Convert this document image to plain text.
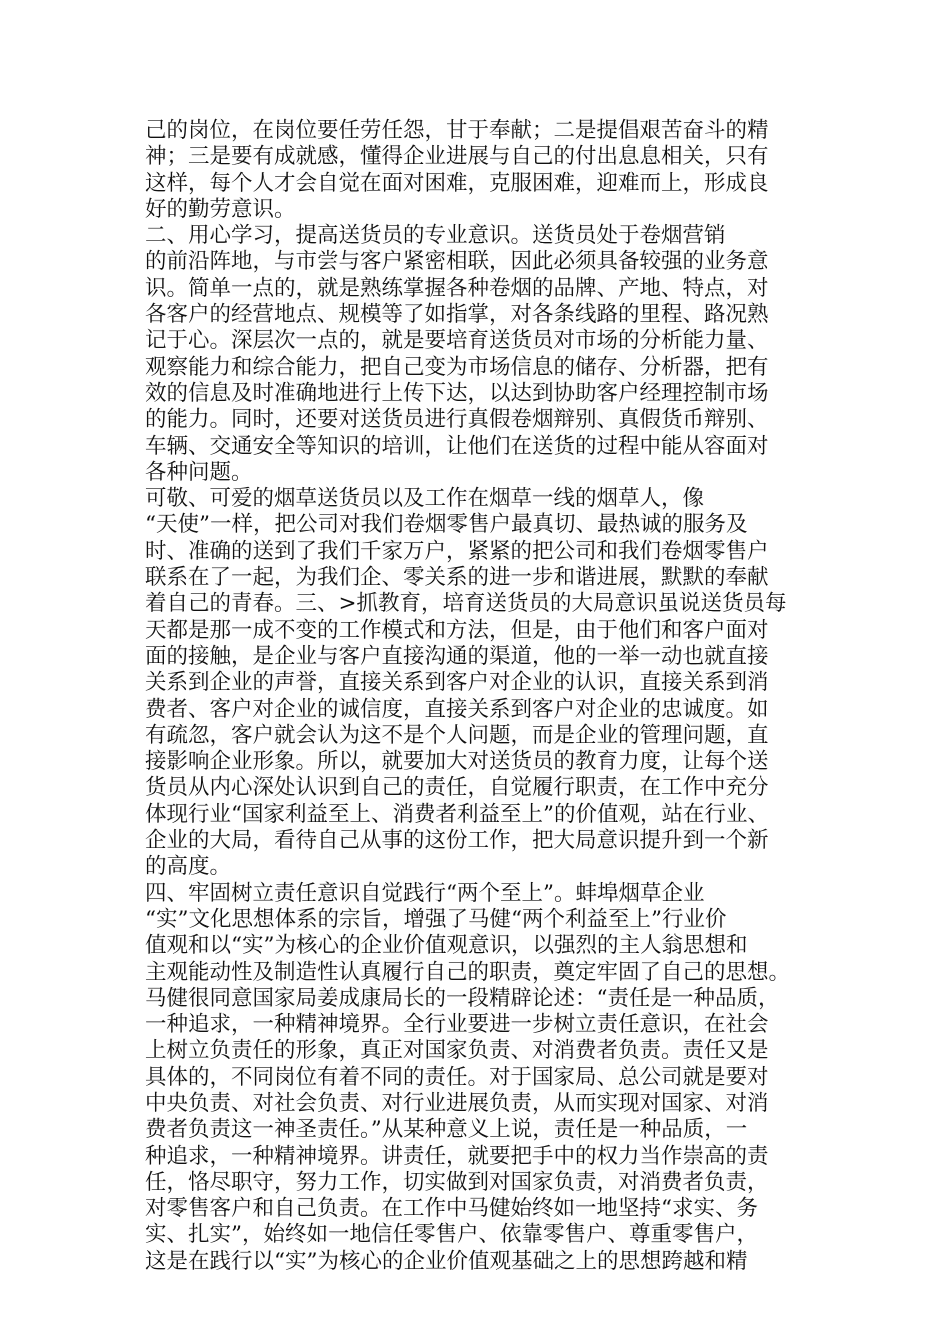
己的岗位，在岗位要任劳任怨，甘于奉献；二是提倡艰苦奋斗的精
神；三是要有成就感，懂得企业进展与自己的付出息息相关，只有
这样，每个人才会自觉在面对困难，克服困难，迎难而上，形成良
好的勤劳意识。
二、用心学习，提高送货员的专业意识。送货员处于卷烟营销
的前沿阵地，与市尝与客户紧密相联，因此必须具备较强的业务意
识。简单一点的，就是熟练掌握各种卷烟的品牌、产地、特点，对
各客户的经营地点、规模等了如指掌，对各条线路的里程、路况熟
记于心。深层次一点的，就是要培育送货员对市场的分析能力量、
观察能力和综合能力，把自己变为市场信息的储存、分析器，把有
效的信息及时准确地进行上传下达，以达到协助客户经理控制市场
的能力。同时，还要对送货员进行真假卷烟辩别、真假货币辩别、
车辆、交通安全等知识的培训，让他们在送货的过程中能从容面对
各种问题。
可敬、可爱的烟草送货员以及工作在烟草一线的烟草人，像
“天使”一样，把公司对我们卷烟零售户最真切、最热诚的服务及
时、准确的送到了我们千家万户，紧紧的把公司和我们卷烟零售户
联系在了一起，为我们企、零关系的进一步和谐进展，默默的奉献
着自己的青春。三、>抓教育，培育送货员的大局意识虽说送货员每
天都是那一成不变的工作模式和方法，但是，由于他们和客户面对
面的接触，是企业与客户直接沟通的渠道，他的一举一动也就直接
关系到企业的声誉，直接关系到客户对企业的认识，直接关系到消
费者、客户对企业的诚信度，直接关系到客户对企业的忠诚度。如
有疏忽，客户就会认为这不是个人问题，而是企业的管理问题，直
接影响企业形象。所以，就要加大对送货员的教育力度，让每个送
货员从内心深处认识到自己的责任，自觉履行职责，在工作中充分
体现行业“国家利益至上、消费者利益至上”的价值观，站在行业、
企业的大局，看待自己从事的这份工作，把大局意识提升到一个新
的高度。
四、牢固树立责任意识自觉践行“两个至上”。蚌埠烟草企业
“实”文化思想体系的宗旨，增强了马健“两个利益至上”行业价
值观和以“实”为核心的企业价值观意识，以强烈的主人翁思想和
主观能动性及制造性认真履行自己的职责，奠定牢固了自己的思想。
马健很同意国家局姜成康局长的一段精辟论述：“责任是一种品质，
一种追求，一种精神境界。全行业要进一步树立责任意识，在社会
上树立负责任的形象，真正对国家负责、对消费者负责。责任又是
具体的，不同岗位有着不同的责任。对于国家局、总公司就是要对
中央负责、对社会负责、对行业进展负责，从而实现对国家、对消
费者负责这一神圣责任。”从某种意义上说，责任是一种品质，一
种追求，一种精神境界。讲责任，就要把手中的权力当作崇高的责
任，恪尽职守，努力工作，切实做到对国家负责，对消费者负责，
对零售客户和自己负责。在工作中马健始终如一地坚持“求实、务
实、扎实”，始终如一地信任零售户、依靠零售户、尊重零售户，
这是在践行以“实”为核心的企业价值观基础之上的思想跨越和精
